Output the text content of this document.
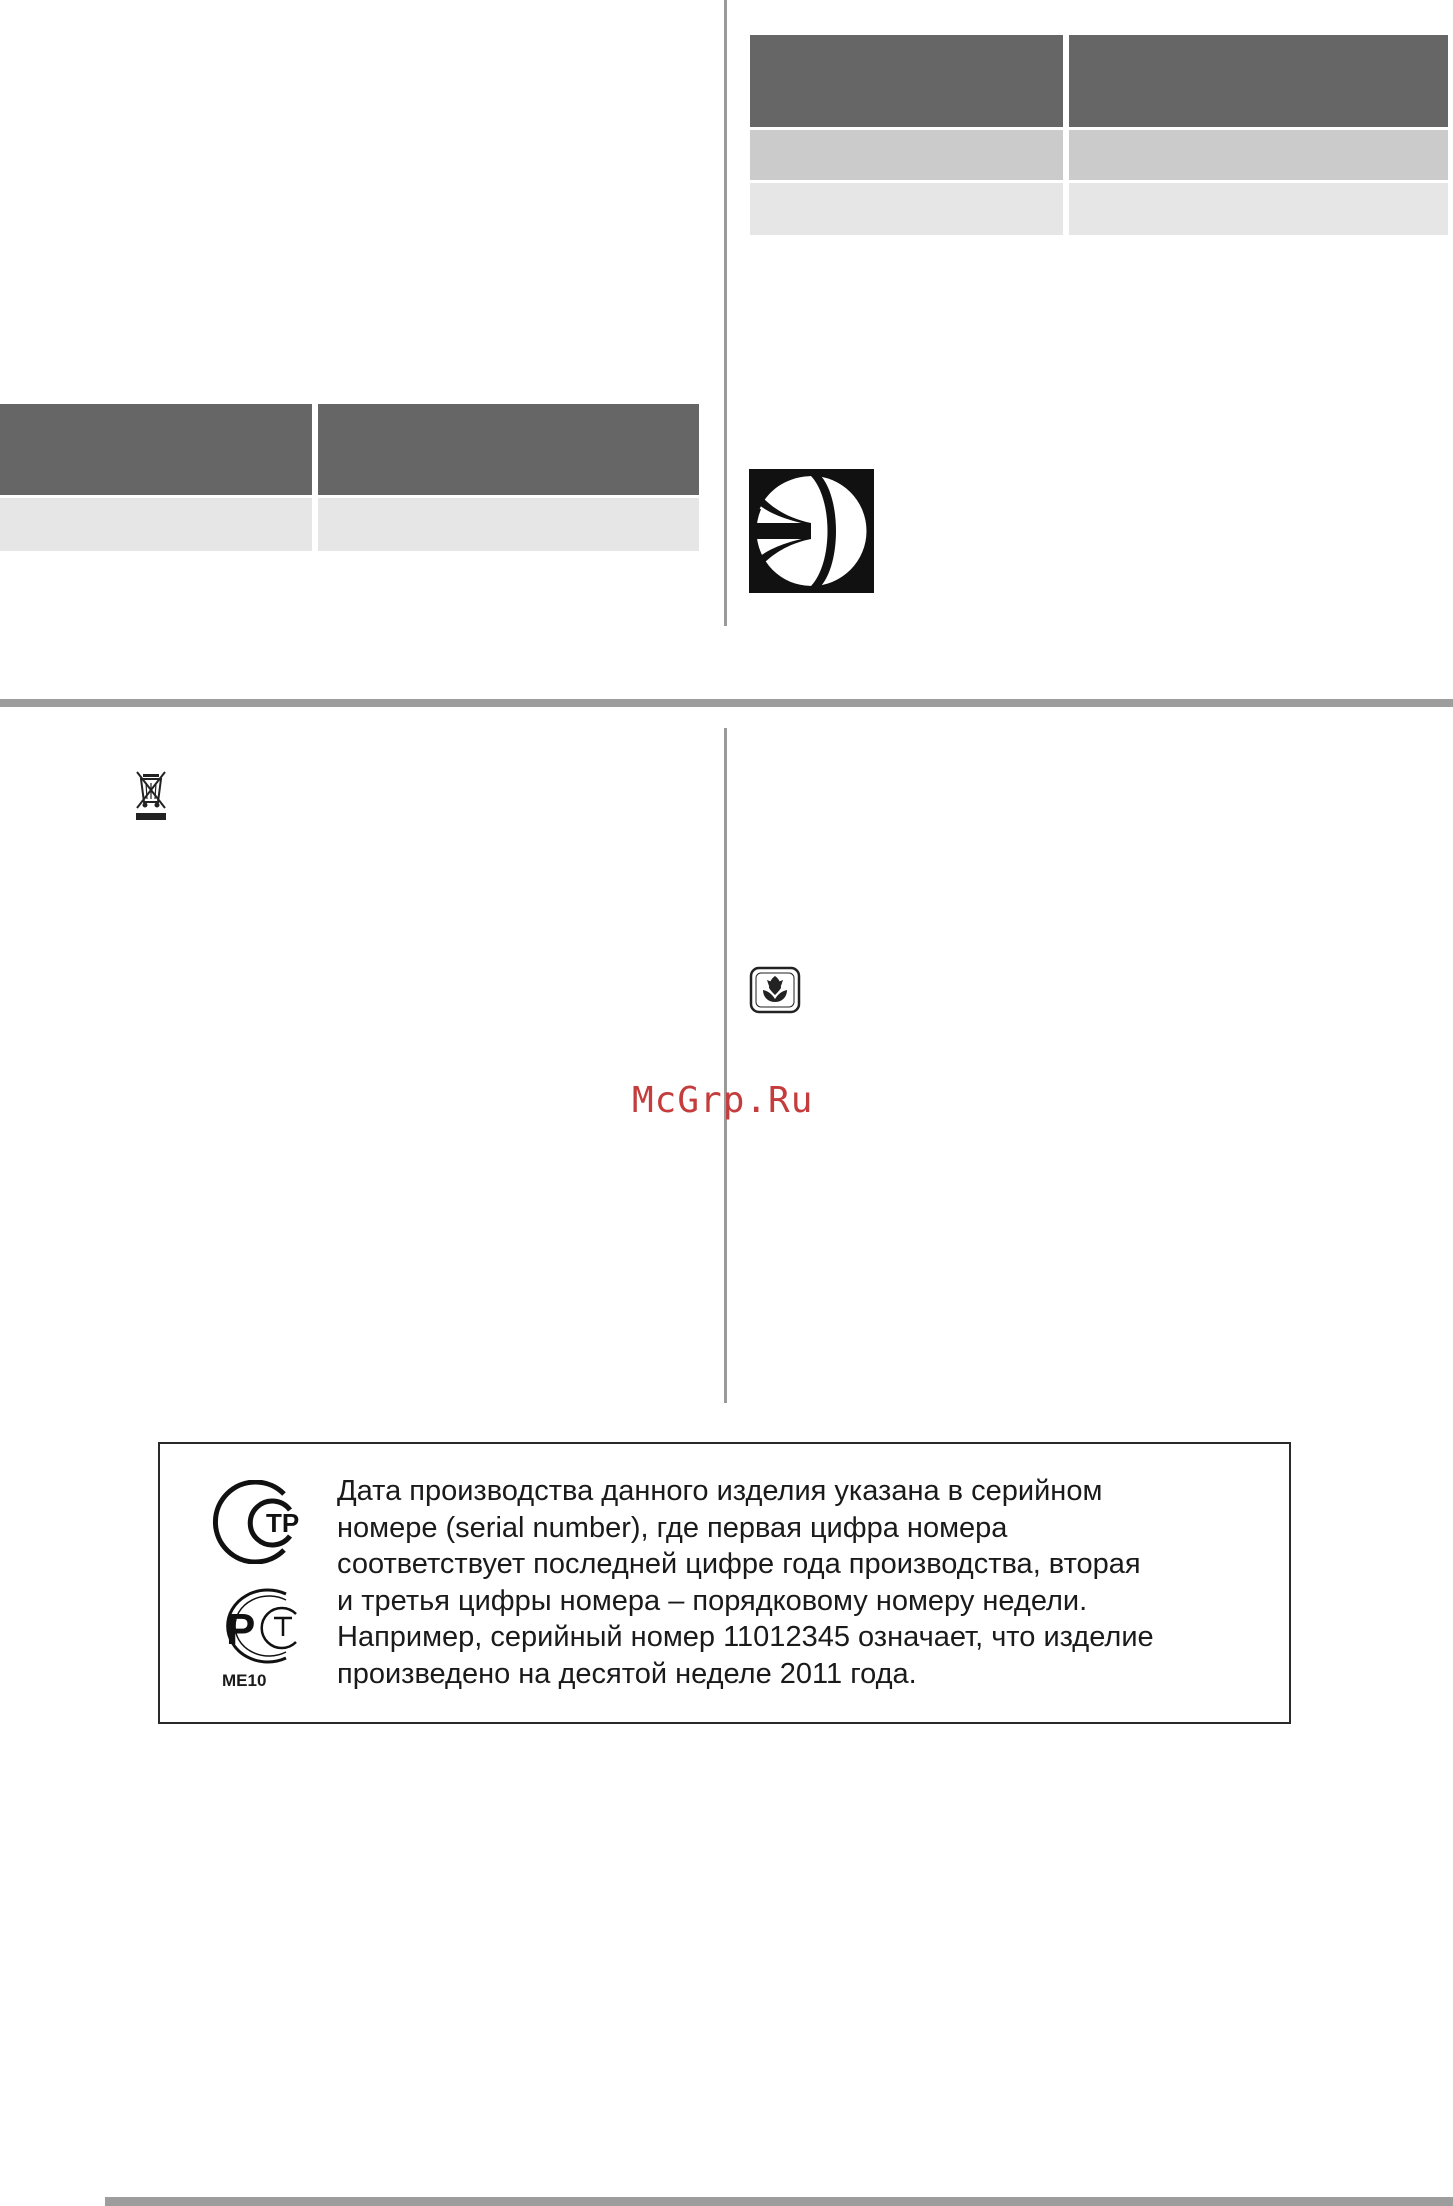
McGrp.Ru
ТР
Р
ME10
Дата производства данного изделия указана в серийном
номере (serial number), где первая цифра номера
соответствует последней цифре года производства, вторая
и третья цифры номера – порядковому номеру недели.
Например, серийный номер 11012345 означает, что изделие
произведено на десятой неделе 2011 года.
